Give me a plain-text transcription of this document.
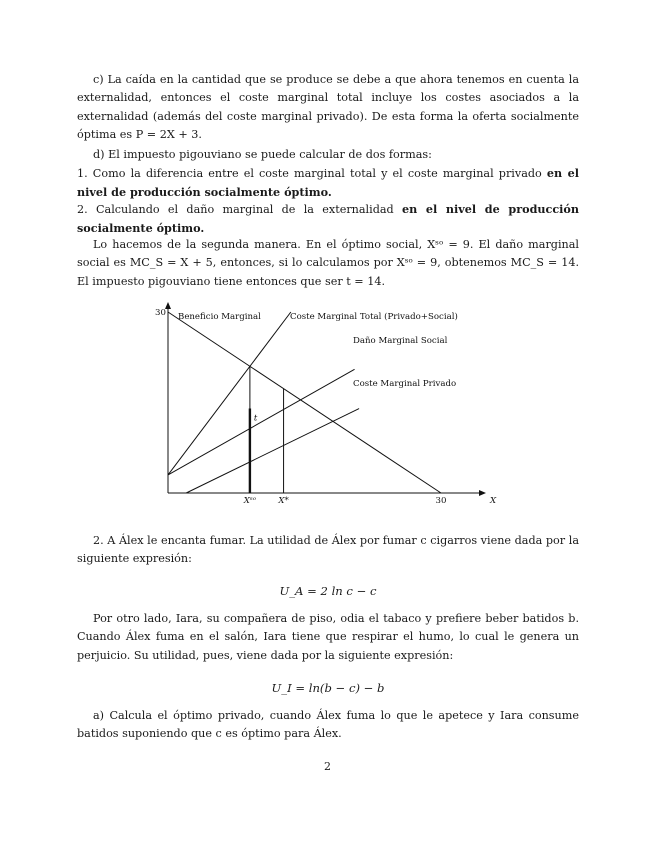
c) La caída en la cantidad que se produce se debe a que ahora tenemos en cuenta la externalidad, entonces el coste marginal total incluye los costes asociados a la externalidad (además del coste marginal privado). De esta forma la oferta socialmente óptima es P = 2X + 3.

d) El impuesto pigouviano se puede calcular de dos formas:

1. Como la diferencia entre el coste marginal total y el coste marginal privado en el nivel de producción socialmente óptimo.

2. Calculando el daño marginal de la externalidad en el nivel de producción socialmente óptimo.

Lo hacemos de la segunda manera. En el óptimo social, Xˢᵒ = 9. El daño marginal social es MC_S = X + 5, entonces, si lo calculamos por Xˢᵒ = 9, obtenemos MC_S = 14. El impuesto pigouviano tiene entonces que ser t = 14.

Beneficio Marginal	Coste Marginal Total (Privado+Social)
Daño Marginal Social
Coste Marginal Privado
t
30
Xˢᵒ	X*	30	X

2. A Álex le encanta fumar. La utilidad de Álex por fumar c cigarros viene dada por la siguiente expresión:

U_A = 2 ln c − c

Por otro lado, Iara, su compañera de piso, odia el tabaco y prefiere beber batidos b. Cuando Álex fuma en el salón, Iara tiene que respirar el humo, lo cual le genera un perjuicio. Su utilidad, pues, viene dada por la siguiente expresión:

U_I = ln(b − c) − b

a) Calcula el óptimo privado, cuando Álex fuma lo que le apetece y Iara consume batidos suponiendo que c es óptimo para Álex.

2
